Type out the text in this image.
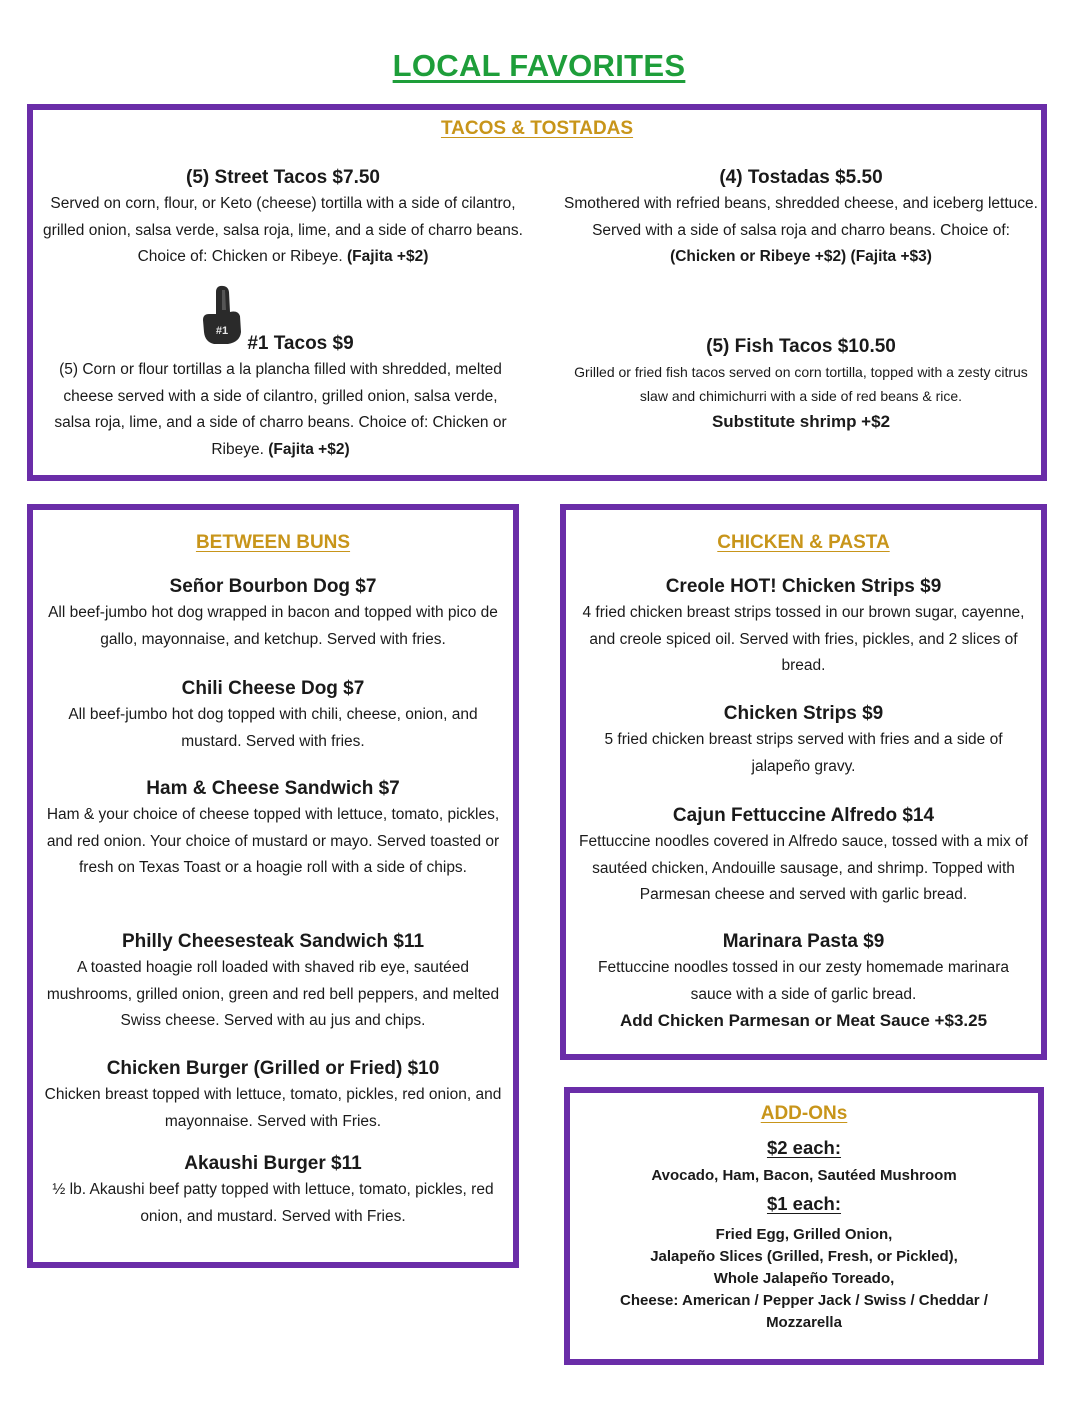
LOCAL FAVORITES
TACOS & TOSTADAS
(5) Street Tacos $7.50
Served on corn, flour, or Keto (cheese) tortilla with a side of cilantro, grilled onion, salsa verde, salsa roja, lime, and a side of charro beans. Choice of: Chicken or Ribeye. (Fajita +$2)
(4) Tostadas $5.50
Smothered with refried beans, shredded cheese, and iceberg lettuce. Served with a side of salsa roja and charro beans. Choice of: (Chicken or Ribeye +$2) (Fajita +$3)
#1 Tacos $9
(5) Corn or flour tortillas a la plancha filled with shredded, melted cheese served with a side of cilantro, grilled onion, salsa verde, salsa roja, lime, and a side of charro beans. Choice of: Chicken or Ribeye. (Fajita +$2)
(5) Fish Tacos $10.50
Grilled or fried fish tacos served on corn tortilla, topped with a zesty citrus slaw and chimichurri with a side of red beans & rice.
Substitute shrimp +$2
#1
BETWEEN BUNS
Señor Bourbon Dog $7
All beef-jumbo hot dog wrapped in bacon and topped with pico de gallo, mayonnaise, and ketchup. Served with fries.
Chili Cheese Dog $7
All beef-jumbo hot dog topped with chili, cheese, onion, and mustard. Served with fries.
Ham & Cheese Sandwich $7
Ham & your choice of cheese topped with lettuce, tomato, pickles, and red onion. Your choice of mustard or mayo. Served toasted or fresh on Texas Toast or a hoagie roll with a side of chips.
Philly Cheesesteak Sandwich $11
A toasted hoagie roll loaded with shaved rib eye, sautéed mushrooms, grilled onion, green and red bell peppers, and melted Swiss cheese. Served with au jus and chips.
Chicken Burger (Grilled or Fried) $10
Chicken breast topped with lettuce, tomato, pickles, red onion, and mayonnaise. Served with Fries.
Akaushi Burger $11
½ lb. Akaushi beef patty topped with lettuce, tomato, pickles, red onion, and mustard. Served with Fries.
CHICKEN & PASTA
Creole HOT! Chicken Strips $9
4 fried chicken breast strips tossed in our brown sugar, cayenne, and creole spiced oil. Served with fries, pickles, and 2 slices of bread.
Chicken Strips $9
5 fried chicken breast strips served with fries and a side of jalapeño gravy.
Cajun Fettuccine Alfredo $14
Fettuccine noodles covered in Alfredo sauce, tossed with a mix of sautéed chicken, Andouille sausage, and shrimp. Topped with Parmesan cheese and served with garlic bread.
Marinara Pasta $9
Fettuccine noodles tossed in our zesty homemade marinara sauce with a side of garlic bread.
Add Chicken Parmesan or Meat Sauce +$3.25
ADD-ONs
$2 each:
Avocado, Ham, Bacon, Sautéed Mushroom
$1 each:
Fried Egg, Grilled Onion,
Jalapeño Slices (Grilled, Fresh, or Pickled),
Whole Jalapeño Toreado,
Cheese: American / Pepper Jack / Swiss / Cheddar /
Mozzarella
